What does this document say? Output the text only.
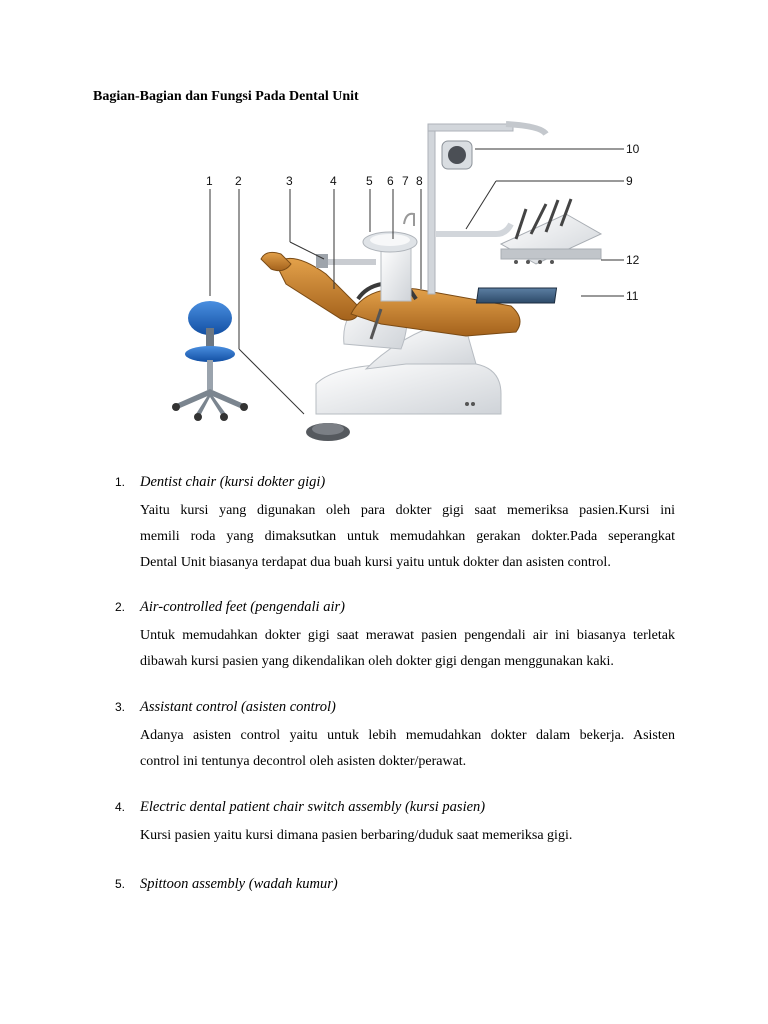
Bagian-Bagian dan Fungsi Pada Dental Unit
1 2	3	4 5 6 7 8	9
10
11
12
1.	Dentist chair (kursi dokter gigi)
Yaitu kursi yang digunakan oleh para dokter gigi saat memeriksa pasien.Kursi ini
memili roda yang dimaksutkan untuk memudahkan gerakan dokter.Pada seperangkat
Dental Unit biasanya terdapat dua buah kursi yaitu untuk dokter dan asisten control.
2.	Air-controlled feet (pengendali air)
Untuk memudahkan dokter gigi saat merawat pasien pengendali air ini biasanya terletak
dibawah kursi pasien yang dikendalikan oleh dokter gigi dengan menggunakan kaki.
3.	Assistant control (asisten control)
Adanya asisten control yaitu untuk lebih memudahkan dokter dalam bekerja. Asisten
control ini tentunya decontrol oleh asisten dokter/perawat.
4.	Electric dental patient chair switch assembly (kursi pasien)
Kursi pasien yaitu kursi dimana pasien berbaring/duduk saat memeriksa gigi.
5.	Spittoon assembly (wadah kumur)
